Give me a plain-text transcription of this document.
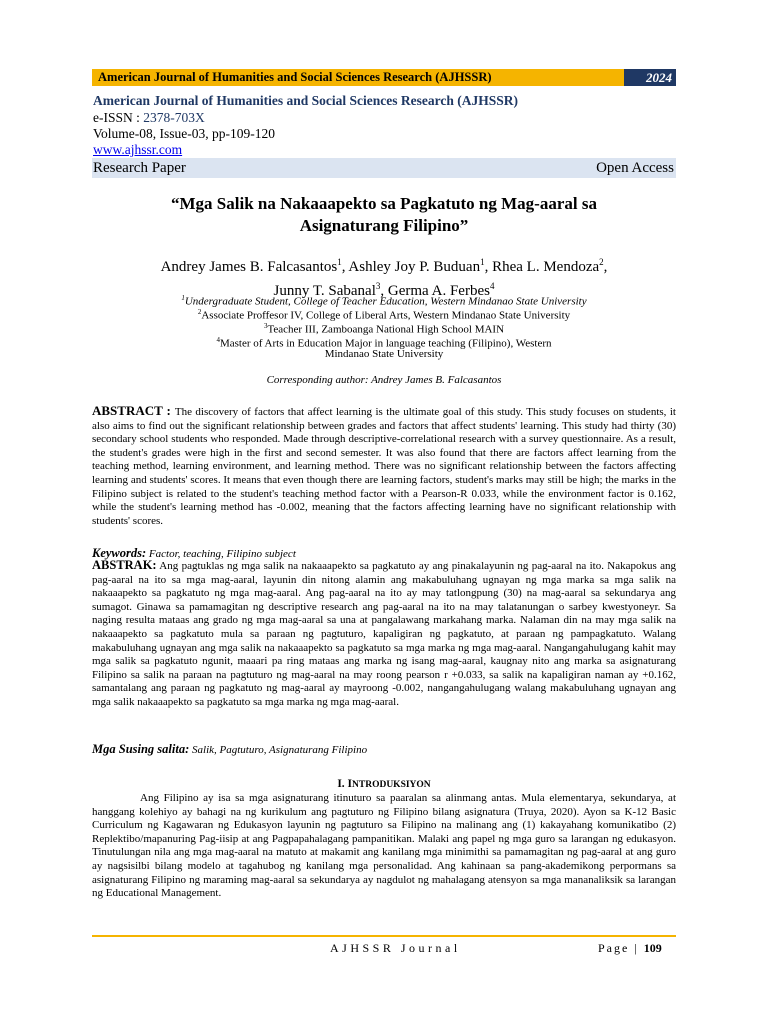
American Journal of Humanities and Social Sciences Research (AJHSSR)	2024
American Journal of Humanities and Social Sciences Research (AJHSSR)
e-ISSN : 2378-703X
Volume-08, Issue-03, pp-109-120
www.ajhssr.com
Research Paper	Open Access
“Mga Salik na Nakaaapekto sa Pagkatuto ng Mag-aaral sa
Asignaturang Filipino”
Andrey James B. Falcasantos$^1$, Ashley Joy P. Buduan$^1$, Rhea L. Mendoza$^2$,
Junny T. Sabanal$^3$, Germa A. Ferbes$^4$
$^1$Undergraduate Student, College of Teacher Education, Western Mindanao State University
$^2$Associate Proffesor IV, College of Liberal Arts, Western Mindanao State University
$^3$Teacher III, Zamboanga National High School MAIN
$^4$Master of Arts in Education Major in language teaching (Filipino), Western
Mindanao State University
Corresponding author: Andrey James B. Falcasantos
ABSTRACT : The discovery of factors that affect learning is the ultimate goal of this study. This study focuses on students, it also aims to find out the significant relationship between grades and factors that affect students' learning. This study had thirty (30) secondary school students who responded. Made through descriptive-correlational research with a survey questionnaire. As a result, the student's grades were high in the first and second semester. It was also found that there are factors affect learning from the teaching method, learning environment, and learning method. There was no significant relationship between the factors affecting learning and students' scores. It means that even though there are learning factors, student's marks may still be high; the marks in the Filipino subject is related to the student's teaching method factor with a Pearson-R 0.033, while the environment factor is 0.162, while the student's learning method has -0.002, meaning that the factors affecting learning have no significant relationship with students' scores.
Keywords: Factor, teaching, Filipino subject
ABSTRAK: Ang pagtuklas ng mga salik na nakaaapekto sa pagkatuto ay ang pinakalayunin ng pag-aaral na ito. Nakapokus ang pag-aaral na ito sa mga mag-aaral, layunin din nitong alamin ang makabuluhang ugnayan ng mga marka sa mga salik na nakaaapekto sa pagkatuto ng mga mag-aaral. Ang pag-aaral na ito ay may tatlongpung (30) na mag-aaral sa sekundarya ang sumagot. Ginawa sa pamamagitan ng descriptive research ang pag-aaral na ito na may talatanungan o sarbey kwestyoneyr. Sa naging resulta mataas ang grado ng mga mag-aaral sa una at pangalawang markahang marka. Nalaman din na may mga salik na nakaaapekto sa pagkatuto mula sa paraan ng pagtuturo, kapaligiran ng pagkatuto, at paraan ng pampagkatuto. Walang makabuluhang ugnayan ang mga salik na nakaaapekto sa pagkatuto sa mga marka ng mga mag-aaral. Nangangahulugang kahit may mga salik sa pagkatuto ngunit, maaari pa ring mataas ang marka ng isang mag-aaral, kaugnay nito ang marka sa asignaturang Filipino sa salik na paraan na pagtuturo ng mag-aaral na may roong pearson r +0.033, sa salik na kapaligiran naman ay +0.162, samantalang ang paraan ng pagkatuto ng mag-aaral ay mayroong -0.002, nangangahulugang walang makabuluhang ugnayan ang mga salik nakaaapekto sa pagkatuto sa mga marka ng mga mag-aaral.
Mga Susing salita: Salik, Pagtuturo, Asignaturang Filipino
I. INTRODUKSIYON
Ang Filipino ay isa sa mga asignaturang itinuturo sa paaralan sa alinmang antas. Mula elementarya, sekundarya, at hanggang kolehiyo ay bahagi na ng kurikulum ang pagtuturo ng Filipino bilang asignatura (Truya, 2020). Ayon sa K-12 Basic Curriculum ng Kagawaran ng Edukasyon layunin ng pagtuturo sa Filipino na malinang ang (1) kakayahang komunikatibo (2) Replektibo/mapanuring Pag-iisip at ang Pagpapahalagang pampanitikan. Malaki ang papel ng mga guro sa larangan ng edukasyon. Tinutulungan nila ang mga mag-aaral na matuto at makamit ang kanilang mga minimithi sa pamamagitan ng pag-aaral at ang guro ay nagsisilbi bilang modelo at tagahubog ng kanilang mga personalidad. Ang kahinaan sa pang-akademikong perpormans sa asignaturang Filipino ng maraming mag-aaral sa sekundarya ay nagdulot ng mahalagang atensyon sa mga mananaliksik sa larangan ng Educational Management.
AJHSSR Journal	Page | 109
